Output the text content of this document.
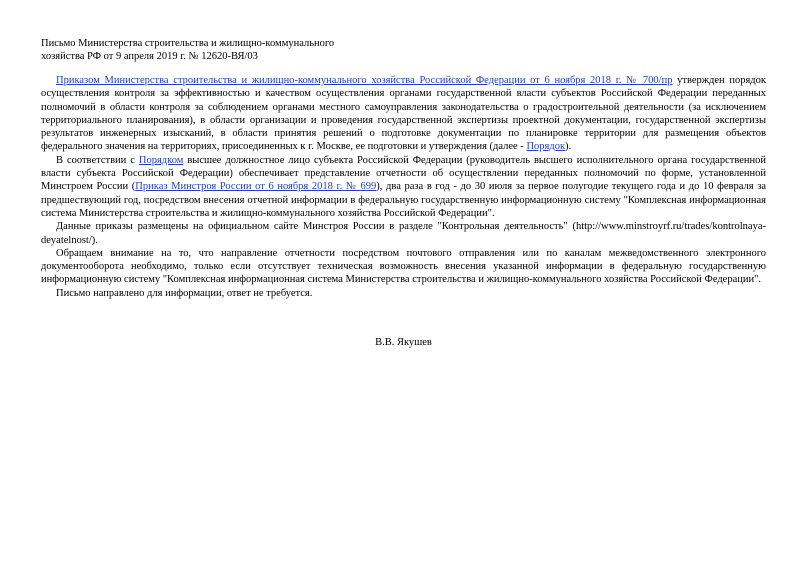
Письмо Министерства строительства и жилищно-коммунального
хозяйства РФ от 9 апреля 2019 г. № 12620-ВЯ/03

Приказом Министерства строительства и жилищно-коммунального хозяйства Российской Федерации от 6 ноября 2018 г. № 700/пр утвержден порядок осуществления контроля за эффективностью и качеством осуществления органами государственной власти субъектов Российской Федерации переданных полномочий в области контроля за соблюдением органами местного самоуправления законодательства о градостроительной деятельности (за исключением территориального планирования), в области организации и проведения государственной экспертизы проектной документации, государственной экспертизы результатов инженерных изысканий, в области принятия решений о подготовке документации по планировке территории для размещения объектов федерального значения на территориях, присоединенных к г. Москве, ее подготовки и утверждения (далее - Порядок).

В соответствии с Порядком высшее должностное лицо субъекта Российской Федерации (руководитель высшего исполнительного органа государственной власти субъекта Российской Федерации) обеспечивает представление отчетности об осуществлении переданных полномочий по форме, установленной Минстроем России (Приказ Минстроя России от 6 ноября 2018 г. № 699), два раза в год - до 30 июля за первое полугодие текущего года и до 10 февраля за предшествующий год, посредством внесения отчетной информации в федеральную государственную информационную систему "Комплексная информационная система Министерства строительства и жилищно-коммунального хозяйства Российской Федерации".

Данные приказы размещены на официальном сайте Минстроя России в разделе "Контрольная деятельность" (http://www.minstroyrf.ru/trades/kontrolnaya-deyatelnost/).

Обращаем внимание на то, что направление отчетности посредством почтового отправления или по каналам межведомственного электронного документооборота необходимо, только если отсутствует техническая возможность внесения указанной информации в федеральную государственную информационную систему "Комплексная информационная система Министерства строительства и жилищно-коммунального хозяйства Российской Федерации".

Письмо направлено для информации, ответ не требуется.

В.В. Якушев
